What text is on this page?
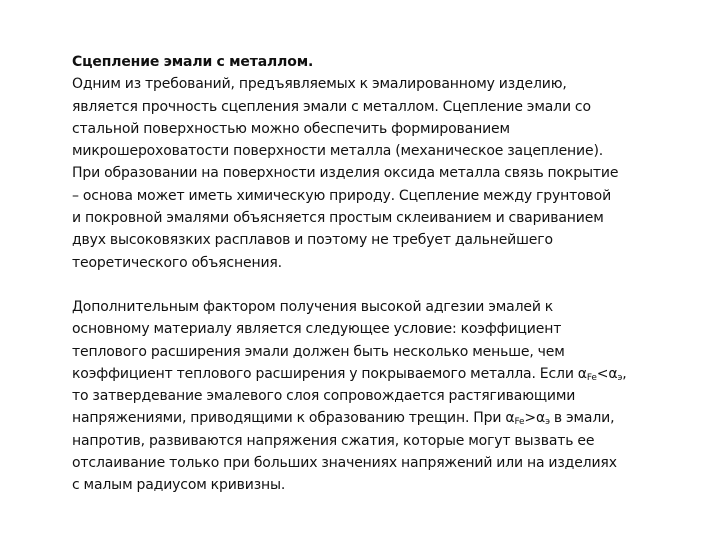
Сцепление эмали с металлом.
Одним из требований, предъявляемых к эмалированному изделию,
является прочность сцепления эмали с металлом. Сцепление эмали со
стальной поверхностью можно обеспечить формированием
микрошероховатости поверхности металла (механическое зацепление).
При образовании на поверхности изделия оксида металла связь покрытие
– основа может иметь химическую природу. Сцепление между грунтовой
и покровной эмалями объясняется простым склеиванием и свариванием
двух высоковязких расплавов и поэтому не требует дальнейшего
теоретического объяснения.

Дополнительным фактором получения высокой адгезии эмалей к
основному материалу является следующее условие: коэффициент
теплового расширения эмали должен быть несколько меньше, чем
коэффициент теплового расширения у покрываемого металла. Если $\alpha_{Fe}<\alpha_э$,
то затвердевание эмалевого слоя сопровождается растягивающими
напряжениями, приводящими к образованию трещин. При $\alpha_{Fe}>\alpha_э$ в эмали,
напротив, развиваются напряжения сжатия, которые могут вызвать ее
отслаивание только при больших значениях напряжений или на изделиях
с малым радиусом кривизны.
